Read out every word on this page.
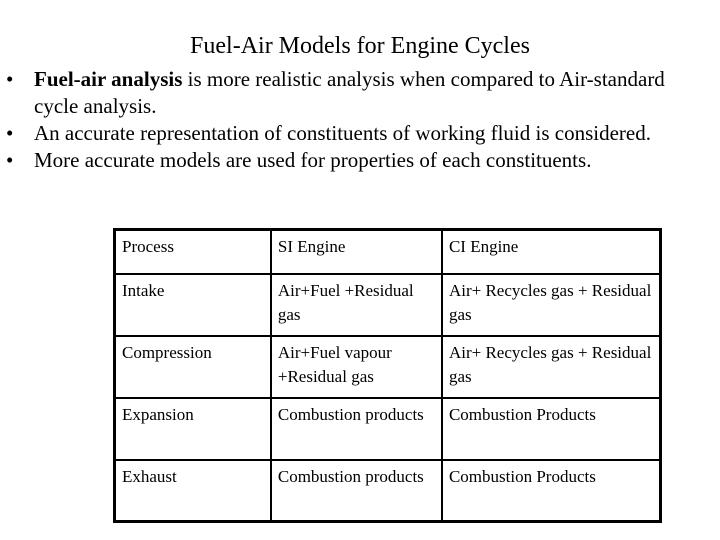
Fuel-Air Models for Engine Cycles
• Fuel-air analysis is more realistic analysis when compared to Air-standard cycle analysis.
• An accurate representation of constituents of working fluid is considered.
• More accurate models are used for properties of each constituents.
Process	SI Engine	CI Engine
Intake	Air+Fuel +Residual gas	Air+ Recycles gas + Residual gas
Compression	Air+Fuel vapour +Residual gas	Air+ Recycles gas + Residual gas
Expansion	Combustion products	Combustion Products
Exhaust	Combustion products	Combustion Products
